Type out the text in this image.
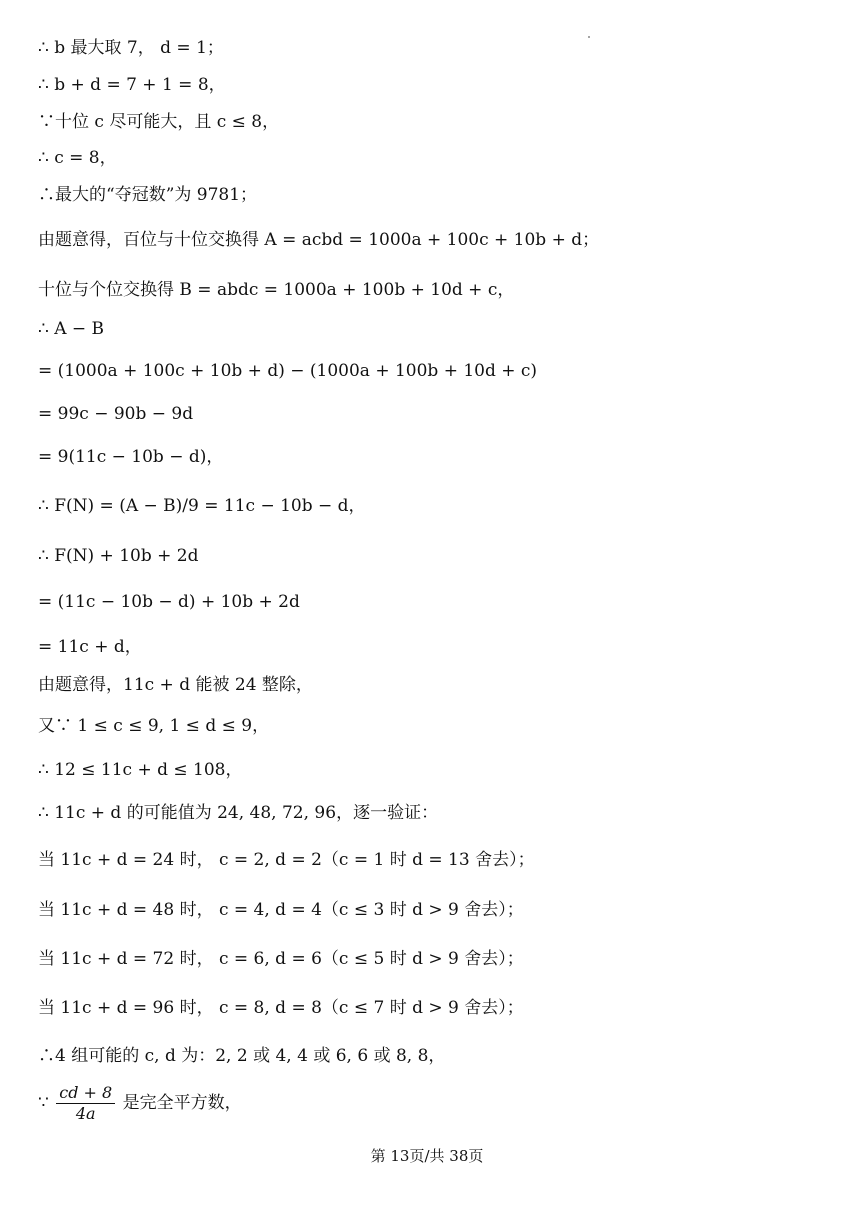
∴ b 最大取 7， d = 1；
∴ b + d = 7 + 1 = 8，
∵十位 c 尽可能大，且 c ≤ 8，
∴ c = 8，
∴最大的“夺冠数”为 9781；
由题意得，百位与十位交换得 A = acbd = 1000a + 100c + 10b + d；
十位与个位交换得 B = abdc = 1000a + 100b + 10d + c，
∴ A − B
= (1000a + 100c + 10b + d) − (1000a + 100b + 10d + c)
= 99c − 90b − 9d
= 9(11c − 10b − d)，
∴ F(N) = (A − B)/9 = 11c − 10b − d，
∴ F(N) + 10b + 2d
= (11c − 10b − d) + 10b + 2d
= 11c + d，
由题意得，11c + d 能被 24 整除，
又∵ 1 ≤ c ≤ 9, 1 ≤ d ≤ 9，
∴ 12 ≤ 11c + d ≤ 108，
∴ 11c + d 的可能值为 24, 48, 72, 96，逐一验证：
当 11c + d = 24 时， c = 2, d = 2（c = 1 时 d = 13 舍去）；
当 11c + d = 48 时， c = 4, d = 4（c ≤ 3 时 d > 9 舍去）；
当 11c + d = 72 时， c = 6, d = 6（c ≤ 5 时 d > 9 舍去）；
当 11c + d = 96 时， c = 8, d = 8（c ≤ 7 时 d > 9 舍去）；
∴4 组可能的 c, d 为：2, 2 或 4, 4 或 6, 6 或 8, 8，
∵ $\frac{cd + 8}{4a}$ 是完全平方数，
第 13页/共 38页
